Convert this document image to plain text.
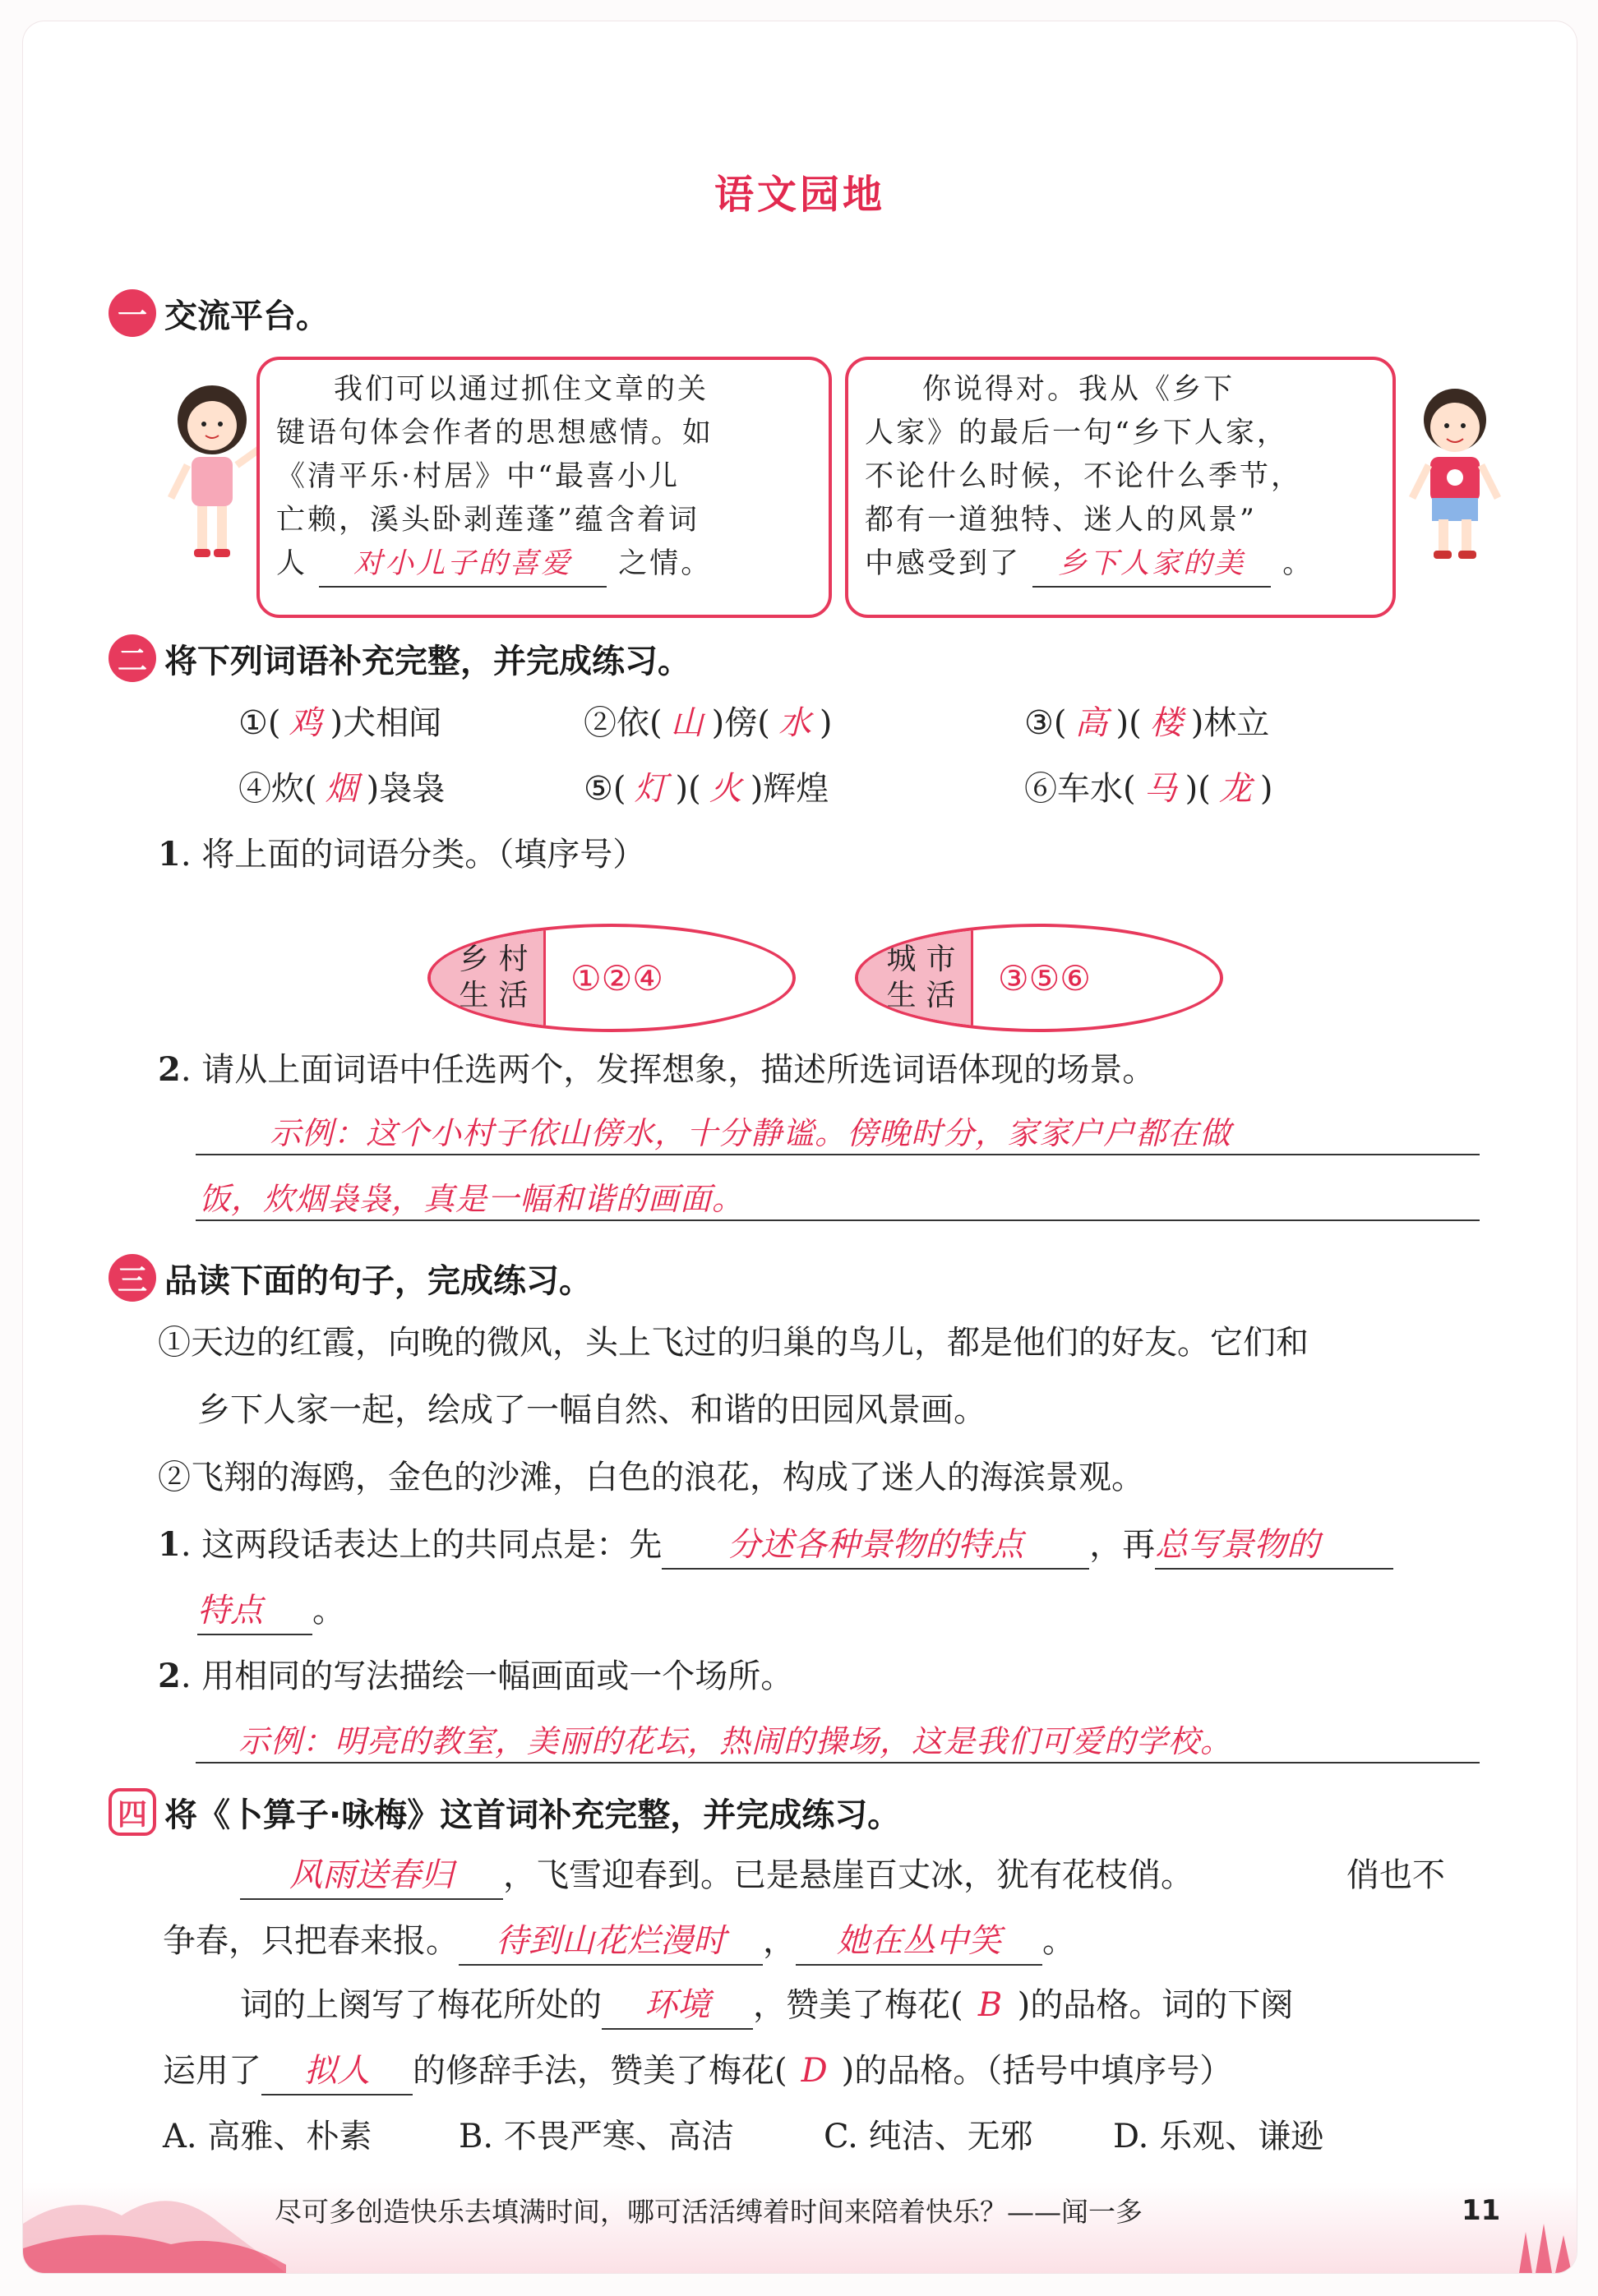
语文园地
一 交流平台。
我们可以通过抓住文章的关
键语句体会作者的思想感情。如
《清平乐·村居》中“最喜小儿
亡赖，溪头卧剥莲蓬”蕴含着词
人 对小儿子的喜爱 之情。
你说得对。我从《乡下
人家》的最后一句“乡下人家，
不论什么时候，不论什么季节，
都有一道独特、迷人的风景”
中感受到了 乡下人家的美 。
二 将下列词语补充完整，并完成练习。
①( 鸡 )犬相闻	②依( 山 )傍( 水 )	③( 高 )( 楼 )林立
④炊( 烟 )袅袅	⑤( 灯 )( 火 )辉煌	⑥车水( 马 )( 龙 )
1. 将上面的词语分类。（填序号）
乡村
生活 ①②④	城市
生活 ③⑤⑥
2. 请从上面词语中任选两个，发挥想象，描述所选词语体现的场景。
示例：这个小村子依山傍水，十分静谧。傍晚时分，家家户户都在做
饭，炊烟袅袅，真是一幅和谐的画面。
三 品读下面的句子，完成练习。
①天边的红霞，向晚的微风，头上飞过的归巢的鸟儿，都是他们的好友。它们和
乡下人家一起，绘成了一幅自然、和谐的田园风景画。
②飞翔的海鸥，金色的沙滩，白色的浪花，构成了迷人的海滨景观。
1. 这两段话表达上的共同点是：先 分述各种景物的特点 ，再总写景物的
特点 。
2. 用相同的写法描绘一幅画面或一个场所。
示例：明亮的教室，美丽的花坛，热闹的操场，这是我们可爱的学校。
四 将《卜算子·咏梅》这首词补充完整，并完成练习。
风雨送春归 ，飞雪迎春到。已是悬崖百丈冰，犹有花枝俏。	俏也不
争春，只把春来报。 待到山花烂漫时 ， 她在丛中笑 。
词的上阕写了梅花所处的 环境 ，赞美了梅花( B )的品格。词的下阕
运用了 拟人 的修辞手法，赞美了梅花( D )的品格。（括号中填序号）
A. 高雅、朴素	B. 不畏严寒、高洁	C. 纯洁、无邪 D. 乐观、谦逊
尽可多创造快乐去填满时间，哪可活活缚着时间来陪着快乐？——闻一多	11
